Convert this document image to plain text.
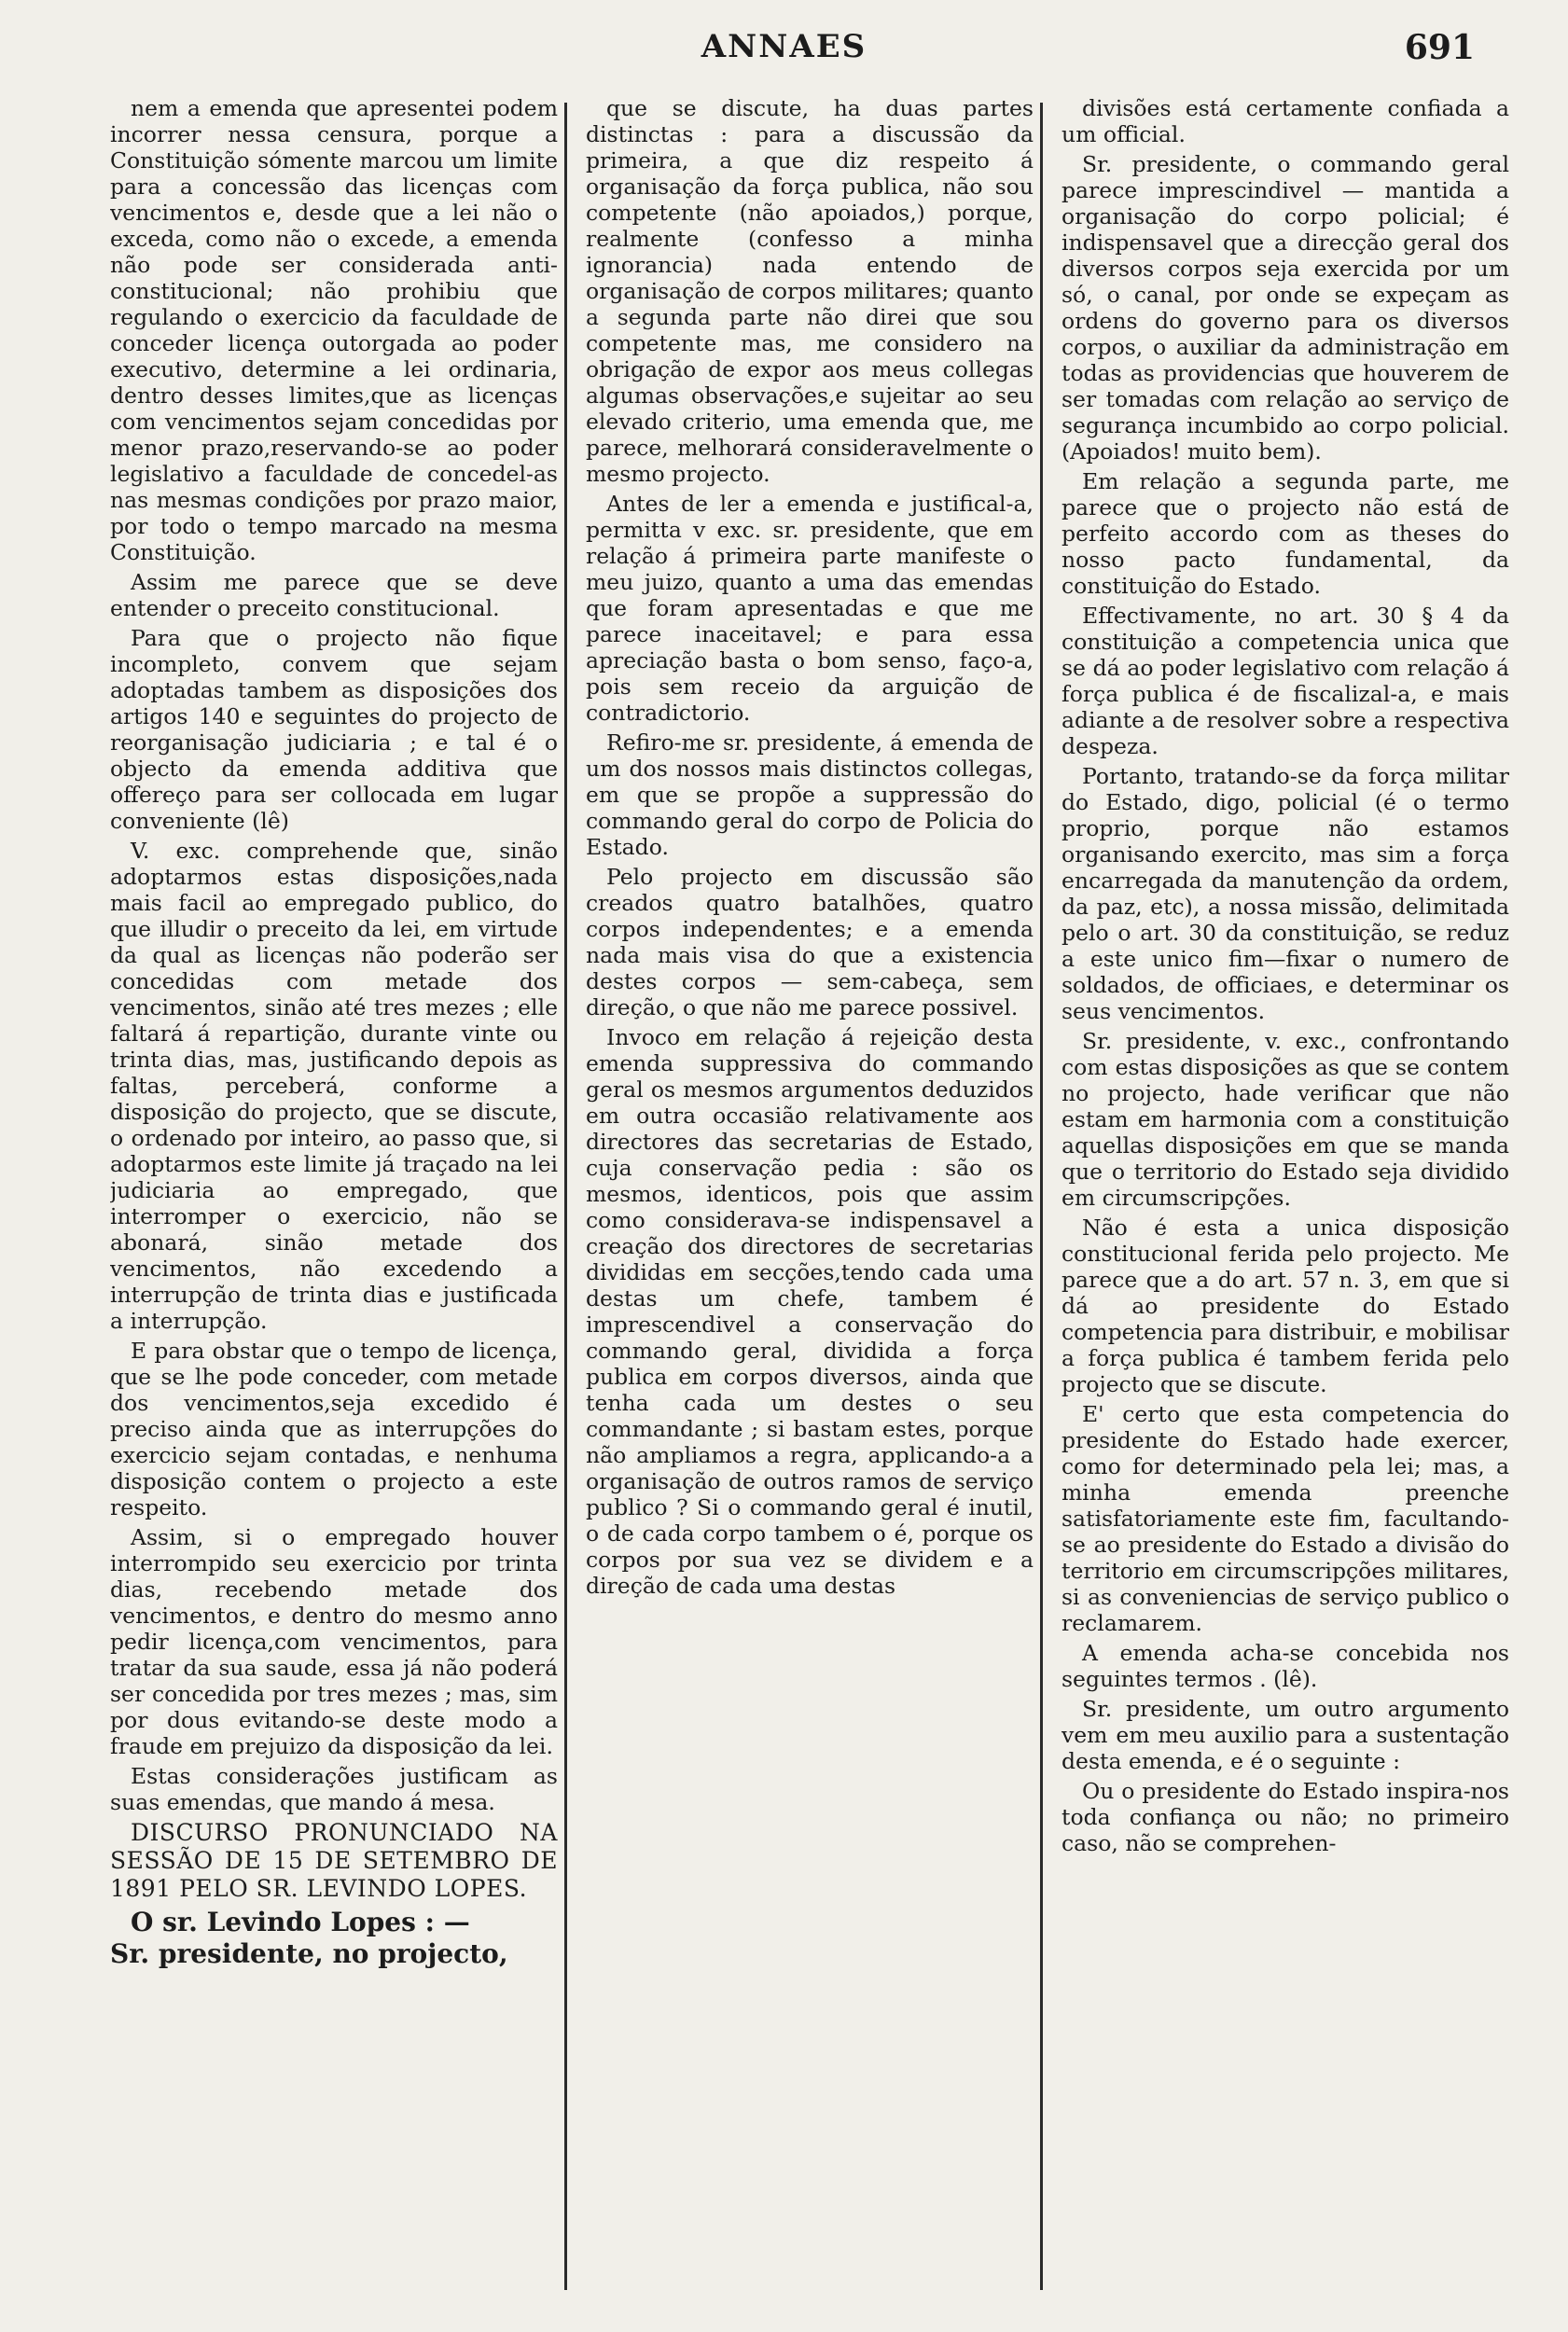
ANNAES	691

nem a emenda que apresentei podem incorrer nessa censura, porque a Constituição sómente marcou um limite para a concessão das licenças com vencimentos e, desde que a lei não o exceda, como não o excede, a emenda não pode ser considerada anti-constitucional; não prohibiu que regulando o exercicio da faculdade de conceder licença outorgada ao poder executivo, determine a lei ordinaria, dentro desses limites,que as licenças com vencimentos sejam concedidas por menor prazo,reservando-se ao poder legislativo a faculdade de concedel-as nas mesmas condições por prazo maior, por todo o tempo marcado na mesma Constituição.

Assim me parece que se deve entender o preceito constitucional.

Para que o projecto não fique incompleto, convem que sejam adoptadas tambem as disposições dos artigos 140 e seguintes do projecto de reorganisação judiciaria ; e tal é o objecto da emenda additiva que offereço para ser collocada em lugar conveniente (lê)

V. exc. comprehende que, sinão adoptarmos estas disposições,nada mais facil ao empregado publico, do que illudir o preceito da lei, em virtude da qual as licenças não poderão ser concedidas com metade dos vencimentos, sinão até tres mezes ; elle faltará á repartição, durante vinte ou trinta dias, mas, justificando depois as faltas, perceberá, conforme a disposição do projecto, que se discute, o ordenado por inteiro, ao passo que, si adoptarmos este limite já traçado na lei judiciaria ao empregado, que interromper o exercicio, não se abonará, sinão metade dos vencimentos, não excedendo a interrupção de trinta dias e justificada a interrupção.

E para obstar que o tempo de licença, que se lhe pode conceder, com metade dos vencimentos,seja excedido é preciso ainda que as interrupções do exercicio sejam contadas, e nenhuma disposição contem o projecto a este respeito.

Assim, si o empregado houver interrompido seu exercicio por trinta dias, recebendo metade dos vencimentos, e dentro do mesmo anno pedir licença,com vencimentos, para tratar da sua saude, essa já não poderá ser concedida por tres mezes ; mas, sim por dous evitando-se deste modo a fraude em prejuizo da disposição da lei.

Estas considerações justificam as suas emendas, que mando á mesa.

DISCURSO PRONUNCIADO NA SESSÃO DE 15 DE SETEMBRO DE 1891 PELO SR. LEVINDO LOPES.

O sr. Levindo Lopes : —
Sr. presidente, no projecto,

que se discute, ha duas partes distinctas : para a discussão da primeira, a que diz respeito á organisação da força publica, não sou competente (não apoiados,) porque, realmente (confesso a minha ignorancia) nada entendo de organisação de corpos militares; quanto a segunda parte não direi que sou competente mas, me considero na obrigação de expor aos meus collegas algumas observações,e sujeitar ao seu elevado criterio, uma emenda que, me parece, melhorará consideravelmente o mesmo projecto.

Antes de ler a emenda e justifical-a, permitta v exc. sr. presidente, que em relação á primeira parte manifeste o meu juizo, quanto a uma das emendas que foram apresentadas e que me parece inaceitavel; e para essa apreciação basta o bom senso, faço-a, pois sem receio da arguição de contradictorio.

Refiro-me sr. presidente, á emenda de um dos nossos mais distinctos collegas, em que se propõe a suppressão do commando geral do corpo de Policia do Estado.

Pelo projecto em discussão são creados quatro batalhões, quatro corpos independentes; e a emenda nada mais visa do que a existencia destes corpos — sem-cabeça, sem direção, o que não me parece possivel.

Invoco em relação á rejeição desta emenda suppressiva do commando geral os mesmos argumentos deduzidos em outra occasião relativamente aos directores das secretarias de Estado, cuja conservação pedia : são os mesmos, identicos, pois que assim como considerava-se indispensavel a creação dos directores de secretarias divididas em secções,tendo cada uma destas um chefe, tambem é imprescendivel a conservação do commando geral, dividida a força publica em corpos diversos, ainda que tenha cada um destes o seu commandante ; si bastam estes, porque não ampliamos a regra, applicando-a a organisação de outros ramos de serviço publico ? Si o commando geral é inutil, o de cada corpo tambem o é, porque os corpos por sua vez se dividem e a direção de cada uma destas

divisões está certamente confiada a um official.

Sr. presidente, o commando geral parece imprescindivel — mantida a organisação do corpo policial; é indispensavel que a direcção geral dos diversos corpos seja exercida por um só, o canal, por onde se expeçam as ordens do governo para os diversos corpos, o auxiliar da administração em todas as providencias que houverem de ser tomadas com relação ao serviço de segurança incumbido ao corpo policial. (Apoiados! muito bem).

Em relação a segunda parte, me parece que o projecto não está de perfeito accordo com as theses do nosso pacto fundamental, da constituição do Estado.

Effectivamente, no art. 30 § 4 da constituição a competencia unica que se dá ao poder legislativo com relação á força publica é de fiscalizal-a, e mais adiante a de resolver sobre a respectiva despeza.

Portanto, tratando-se da força militar do Estado, digo, policial (é o termo proprio, porque não estamos organisando exercito, mas sim a força encarregada da manutenção da ordem, da paz, etc), a nossa missão, delimitada pelo o art. 30 da constituição, se reduz a este unico fim—fixar o numero de soldados, de officiaes, e determinar os seus vencimentos.

Sr. presidente, v. exc., confrontando com estas disposições as que se contem no projecto, hade verificar que não estam em harmonia com a constituição aquellas disposições em que se manda que o territorio do Estado seja dividido em circumscripções.

Não é esta a unica disposição constitucional ferida pelo projecto. Me parece que a do art. 57 n. 3, em que si dá ao presidente do Estado competencia para distribuir, e mobilisar a força publica é tambem ferida pelo projecto que se discute.

E' certo que esta competencia do presidente do Estado hade exercer, como for determinado pela lei; mas, a minha emenda preenche satisfatoriamente este fim, facultando-se ao presidente do Estado a divisão do territorio em circumscripções militares, si as conveniencias de serviço publico o reclamarem.

A emenda acha-se concebida nos seguintes termos . (lê).

Sr. presidente, um outro argumento vem em meu auxilio para a sustentação desta emenda, e é o seguinte :

Ou o presidente do Estado inspira-nos toda confiança ou não; no primeiro caso, não se comprehen-
